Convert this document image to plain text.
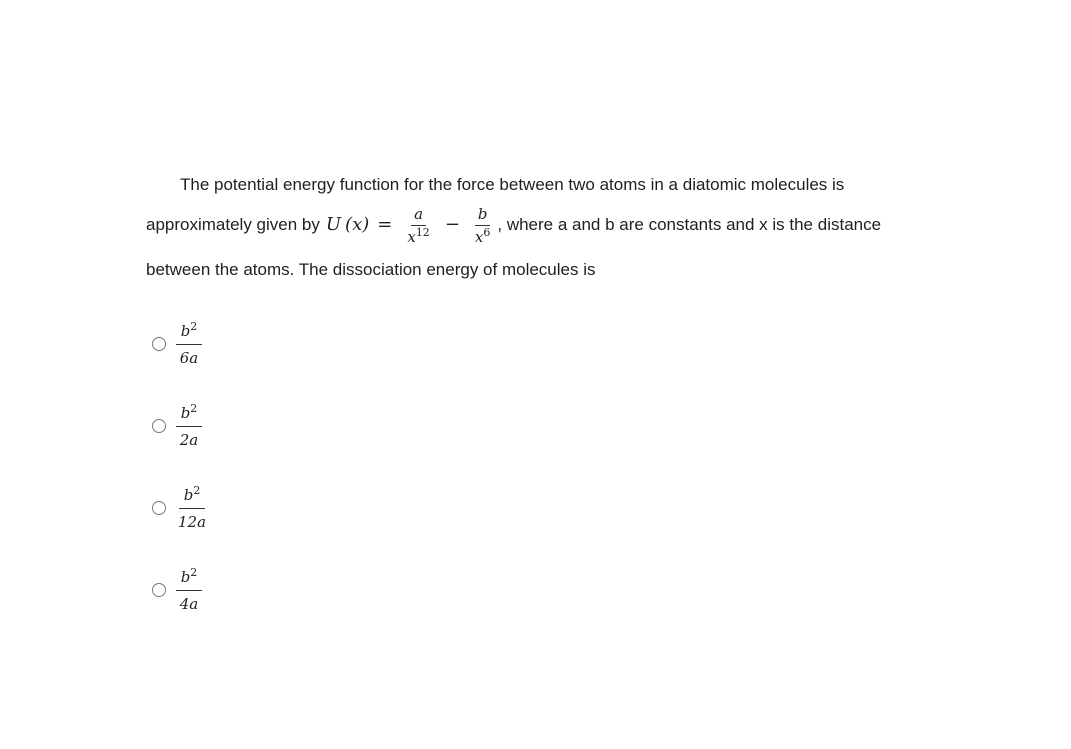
The potential energy function for the force between two atoms in a diatomic molecules is
approximately given by U $(x) = \frac{a}{x^{12}} - \frac{b}{x^6}$ , where a and b are constants and x is the distance
between the atoms. The dissociation energy of molecules is
$\frac{b^2}{6a}$
$\frac{b^2}{2a}$
$\frac{b^2}{12a}$
$\frac{b^2}{4a}$
